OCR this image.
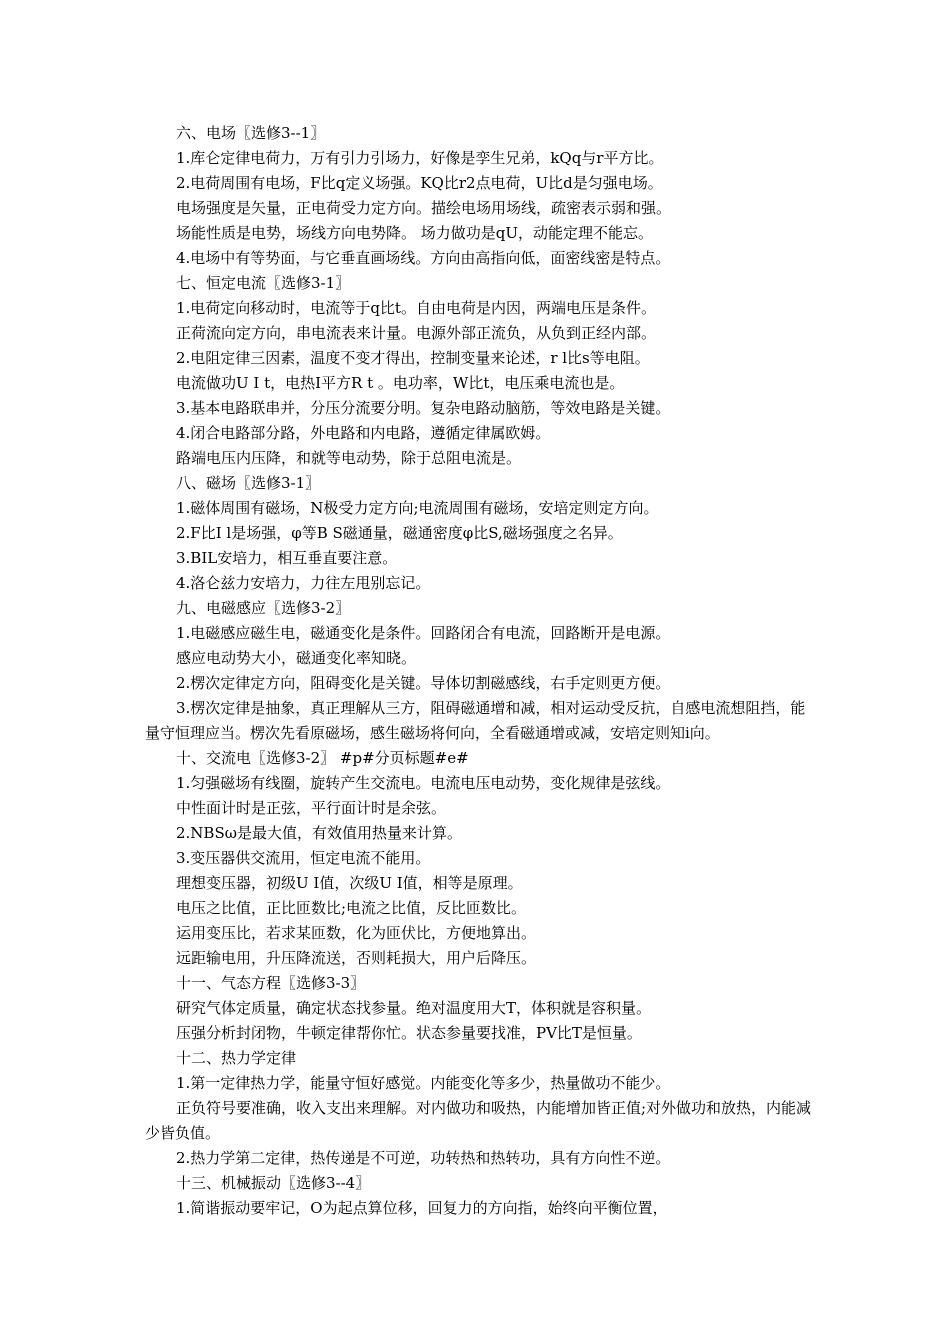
六、电场〖选修3--1〗

1.库仑定律电荷力，万有引力引场力，好像是孪生兄弟，kQq与r平方比。

2.电荷周围有电场，F比q定义场强。KQ比r2点电荷，U比d是匀强电场。

电场强度是矢量，正电荷受力定方向。描绘电场用场线，疏密表示弱和强。

场能性质是电势，场线方向电势降。 场力做功是qU，动能定理不能忘。

4.电场中有等势面，与它垂直画场线。方向由高指向低，面密线密是特点。

七、恒定电流〖选修3-1〗

1.电荷定向移动时，电流等于q比t。自由电荷是内因，两端电压是条件。

正荷流向定方向，串电流表来计量。电源外部正流负，从负到正经内部。

2.电阻定律三因素，温度不变才得出，控制变量来论述，r l比s等电阻。

电流做功U I t，电热I平方R t 。电功率，W比t，电压乘电流也是。

3.基本电路联串并，分压分流要分明。复杂电路动脑筋，等效电路是关键。

4.闭合电路部分路，外电路和内电路，遵循定律属欧姆。

路端电压内压降，和就等电动势，除于总阻电流是。

八、磁场〖选修3-1〗

1.磁体周围有磁场，N极受力定方向;电流周围有磁场，安培定则定方向。

2.F比I l是场强，φ等B S磁通量，磁通密度φ比S,磁场强度之名异。

3.BIL安培力，相互垂直要注意。

4.洛仑兹力安培力，力往左甩别忘记。

九、电磁感应〖选修3-2〗

1.电磁感应磁生电，磁通变化是条件。回路闭合有电流，回路断开是电源。

感应电动势大小，磁通变化率知晓。

2.楞次定律定方向，阻碍变化是关键。导体切割磁感线，右手定则更方便。

3.楞次定律是抽象，真正理解从三方，阻碍磁通增和减，相对运动受反抗，自感电流想阻挡，能量守恒理应当。楞次先看原磁场，感生磁场将何向，全看磁通增或减，安培定则知i向。

十、交流电〖选修3-2〗 #p#分页标题#e#

1.匀强磁场有线圈，旋转产生交流电。电流电压电动势，变化规律是弦线。

中性面计时是正弦，平行面计时是余弦。

2.NBSω是最大值，有效值用热量来计算。

3.变压器供交流用，恒定电流不能用。

理想变压器，初级U I值，次级U I值，相等是原理。

电压之比值，正比匝数比;电流之比值，反比匝数比。

运用变压比，若求某匝数，化为匝伏比，方便地算出。

远距输电用，升压降流送，否则耗损大，用户后降压。

十一、气态方程〖选修3-3〗

研究气体定质量，确定状态找参量。绝对温度用大T，体积就是容积量。

压强分析封闭物，牛顿定律帮你忙。状态参量要找准，PV比T是恒量。

十二、热力学定律

1.第一定律热力学，能量守恒好感觉。内能变化等多少，热量做功不能少。

正负符号要准确，收入支出来理解。对内做功和吸热，内能增加皆正值;对外做功和放热，内能减少皆负值。

2.热力学第二定律，热传递是不可逆，功转热和热转功，具有方向性不逆。

十三、机械振动〖选修3--4〗

1.简谐振动要牢记，O为起点算位移，回复力的方向指，始终向平衡位置，
